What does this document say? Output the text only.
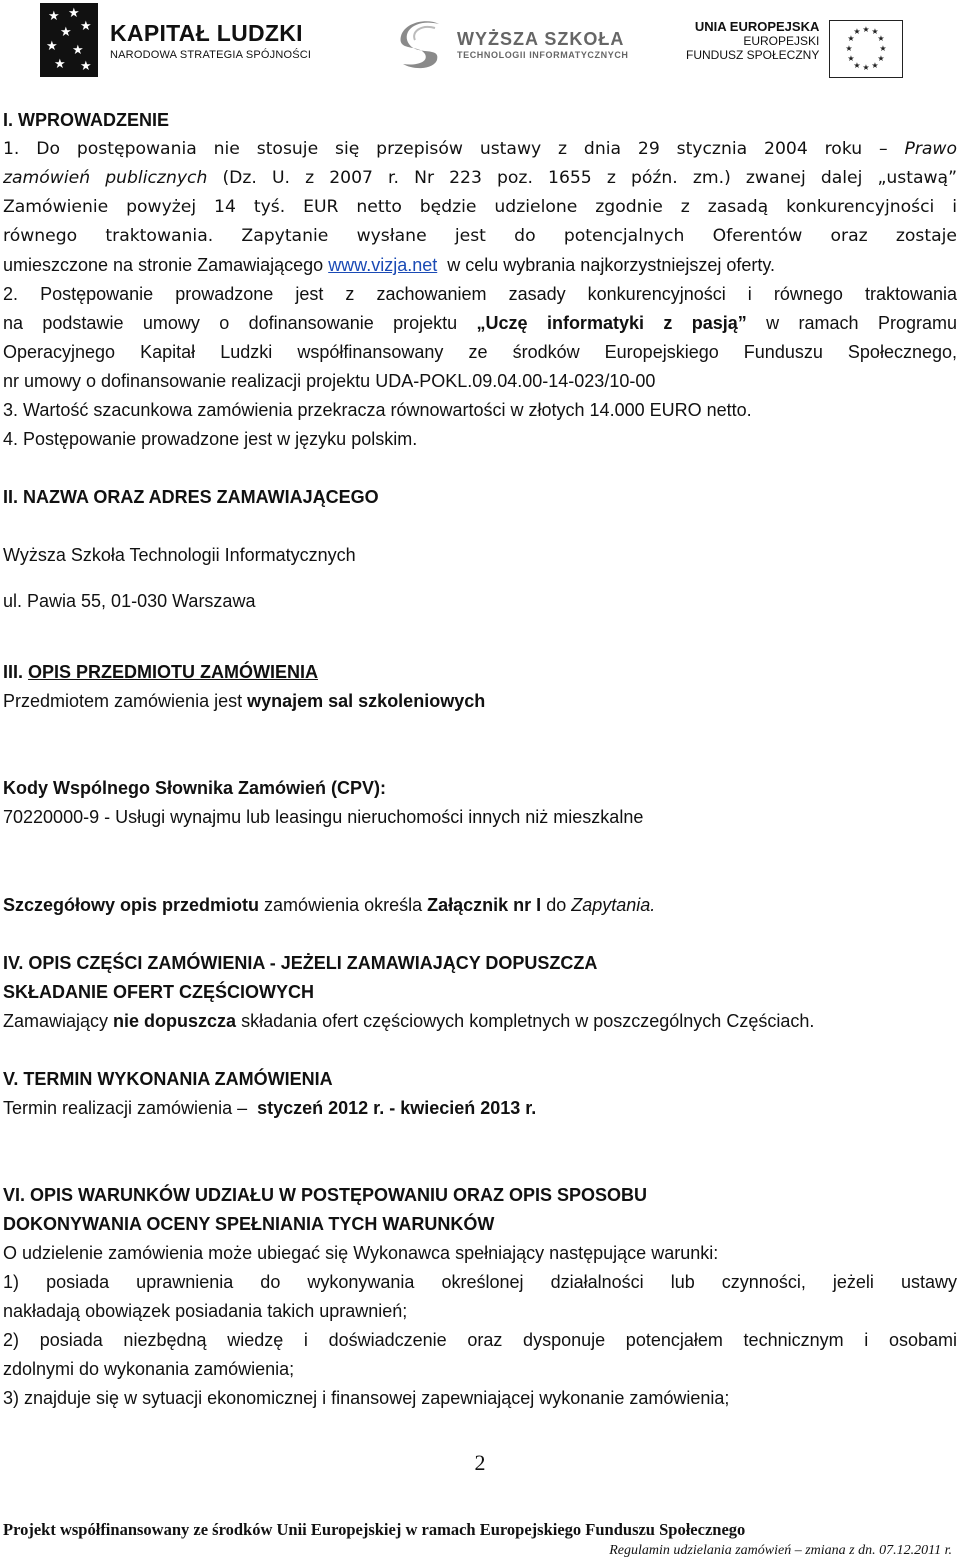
★ ★
★
★
★ ★
★ ★
KAPITAŁ LUDZKI
NARODOWA STRATEGIA SPÓJNOŚCI
WYŻSZA SZKOŁA
TECHNOLOGII INFORMATYCZNYCH
UNIA EUROPEJSKA
EUROPEJSKI
FUNDUSZ SPOŁECZNY
★ ★
★
★
★
★
★
★
★
★
★
★
I. WPROWADZENIE
1. Do postępowania nie stosuje się przepisów ustawy z dnia 29 stycznia 2004 roku – Prawo
zamówień publicznych (Dz. U. z 2007 r. Nr 223 poz. 1655 z późn. zm.) zwanej dalej „ustawą”
Zamówienie powyżej 14 tyś. EUR netto będzie udzielone zgodnie z zasadą konkurencyjności i
równego traktowania. Zapytanie wysłane jest do potencjalnych Oferentów oraz zostaje
umieszczone na stronie Zamawiającego www.vizja.net w celu wybrania najkorzystniejszej oferty.
2. Postępowanie prowadzone jest z zachowaniem zasady konkurencyjności i równego traktowania
na podstawie umowy o dofinansowanie projektu „Uczę informatyki z pasją” w ramach Programu
Operacyjnego Kapitał Ludzki współfinansowany ze środków Europejskiego Funduszu Społecznego,
nr umowy o dofinansowanie realizacji projektu UDA-POKL.09.04.00-14-023/10-00
3. Wartość szacunkowa zamówienia przekracza równowartości w złotych 14.000 EURO netto.
4. Postępowanie prowadzone jest w języku polskim.
II. NAZWA ORAZ ADRES ZAMAWIAJĄCEGO
Wyższa Szkoła Technologii Informatycznych
ul. Pawia 55, 01-030 Warszawa
III. OPIS PRZEDMIOTU ZAMÓWIENIA
Przedmiotem zamówienia jest wynajem sal szkoleniowych
Kody Wspólnego Słownika Zamówień (CPV):
70220000-9 - Usługi wynajmu lub leasingu nieruchomości innych niż mieszkalne
Szczegółowy opis przedmiotu zamówienia określa Załącznik nr I do Zapytania.
IV. OPIS CZĘŚCI ZAMÓWIENIA - JEŻELI ZAMAWIAJĄCY DOPUSZCZA
SKŁADANIE OFERT CZĘŚCIOWYCH
Zamawiający nie dopuszcza składania ofert częściowych kompletnych w poszczególnych Częściach.
V. TERMIN WYKONANIA ZAMÓWIENIA
Termin realizacji zamówienia – styczeń 2012 r. - kwiecień 2013 r.
VI. OPIS WARUNKÓW UDZIAŁU W POSTĘPOWANIU ORAZ OPIS SPOSOBU
DOKONYWANIA OCENY SPEŁNIANIA TYCH WARUNKÓW
O udzielenie zamówienia może ubiegać się Wykonawca spełniający następujące warunki:
1) posiada uprawnienia do wykonywania określonej działalności lub czynności, jeżeli ustawy
nakładają obowiązek posiadania takich uprawnień;
2) posiada niezbędną wiedzę i doświadczenie oraz dysponuje potencjałem technicznym i osobami
zdolnymi do wykonania zamówienia;
3) znajduje się w sytuacji ekonomicznej i finansowej zapewniającej wykonanie zamówienia;
2
Projekt współfinansowany ze środków Unii Europejskiej w ramach Europejskiego Funduszu Społecznego
Regulamin udzielania zamówień – zmiana z dn. 07.12.2011 r.
